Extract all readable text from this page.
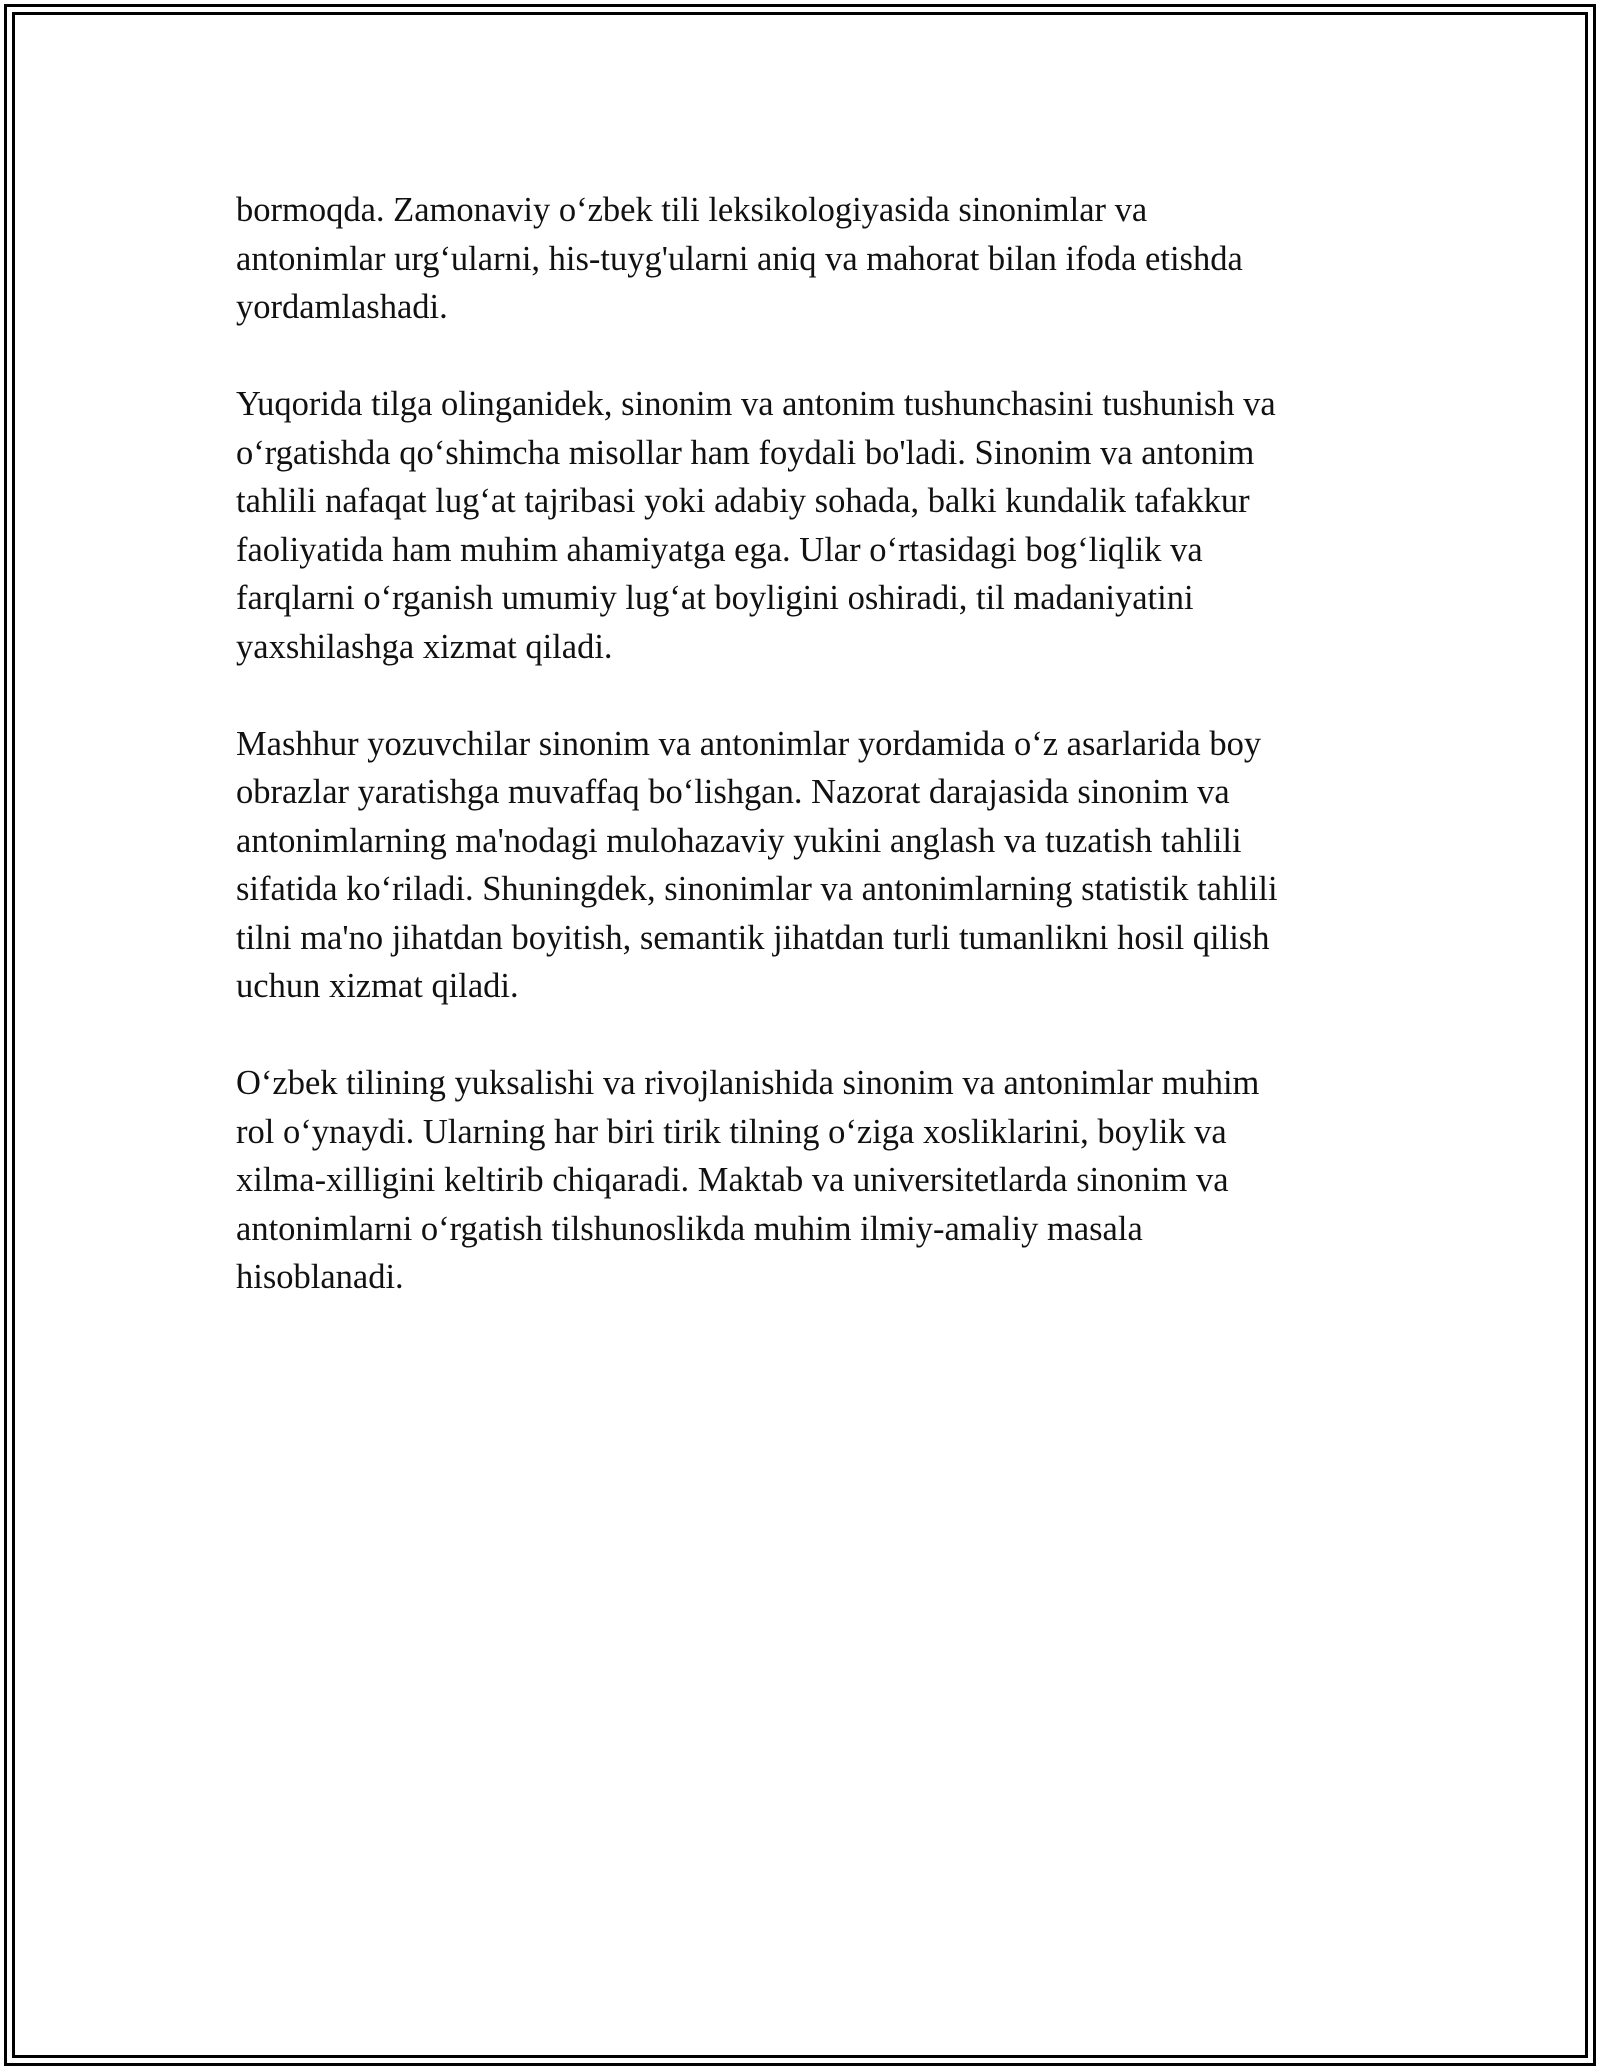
bormoqda. Zamonaviy o‘zbek tili leksikologiyasida sinonimlar va
antonimlar urg‘ularni, his-tuyg'ularni aniq va mahorat bilan ifoda etishda
yordamlashadi.

Yuqorida tilga olinganidek, sinonim va antonim tushunchasini tushunish va
o‘rgatishda qo‘shimcha misollar ham foydali bo'ladi. Sinonim va antonim
tahlili nafaqat lug‘at tajribasi yoki adabiy sohada, balki kundalik tafakkur
faoliyatida ham muhim ahamiyatga ega. Ular o‘rtasidagi bog‘liqlik va
farqlarni o‘rganish umumiy lug‘at boyligini oshiradi, til madaniyatini
yaxshilashga xizmat qiladi.

Mashhur yozuvchilar sinonim va antonimlar yordamida o‘z asarlarida boy
obrazlar yaratishga muvaffaq bo‘lishgan. Nazorat darajasida sinonim va
antonimlarning ma'nodagi mulohazaviy yukini anglash va tuzatish tahlili
sifatida ko‘riladi. Shuningdek, sinonimlar va antonimlarning statistik tahlili
tilni ma'no jihatdan boyitish, semantik jihatdan turli tumanlikni hosil qilish
uchun xizmat qiladi.

O‘zbek tilining yuksalishi va rivojlanishida sinonim va antonimlar muhim
rol o‘ynaydi. Ularning har biri tirik tilning o‘ziga xosliklarini, boylik va
xilma-xilligini keltirib chiqaradi. Maktab va universitetlarda sinonim va
antonimlarni o‘rgatish tilshunoslikda muhim ilmiy-amaliy masala
hisoblanadi.
